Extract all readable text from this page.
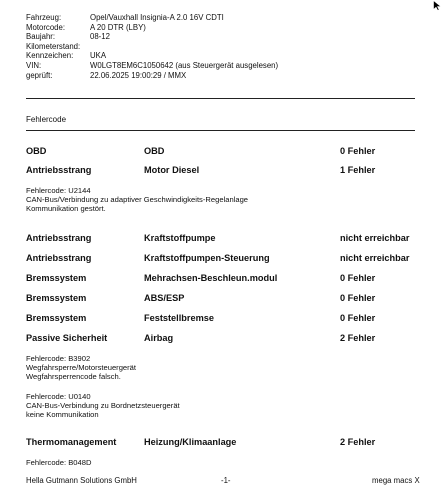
Fahrzeug:	Opel/Vauxhall Insignia-A 2.0 16V CDTI
Motorcode:	A 20 DTR (LBY)
Baujahr:	08-12
Kilometerstand:
Kennzeichen:	UKA
VIN:	W0LGT8EM6C1050642 (aus Steuergerät ausgelesen)
geprüft:	22.06.2025 19:00:29 / MMX
Fehlercode
OBD	OBD	0 Fehler
Antriebsstrang	Motor Diesel	1 Fehler
Fehlercode: U2144
CAN-Bus/Verbindung zu adaptiver Geschwindigkeits-Regelanlage
Kommunikation gestört.
Antriebsstrang	Kraftstoffpumpe	nicht erreichbar
Antriebsstrang	Kraftstoffpumpen-Steuerung	nicht erreichbar
Bremssystem	Mehrachsen-Beschleun.modul	0 Fehler
Bremssystem	ABS/ESP	0 Fehler
Bremssystem	Feststellbremse	0 Fehler
Passive Sicherheit	Airbag	2 Fehler
Fehlercode: B3902
Wegfahrsperre/Motorsteuergerät
Wegfahrsperrencode falsch.
Fehlercode: U0140
CAN-Bus-Verbindung zu Bordnetzsteuergerät
keine Kommunikation
Thermomanagement	Heizung/Klimaanlage	2 Fehler
Fehlercode: B048D
Hella Gutmann Solutions GmbH	-1-	mega macs X
